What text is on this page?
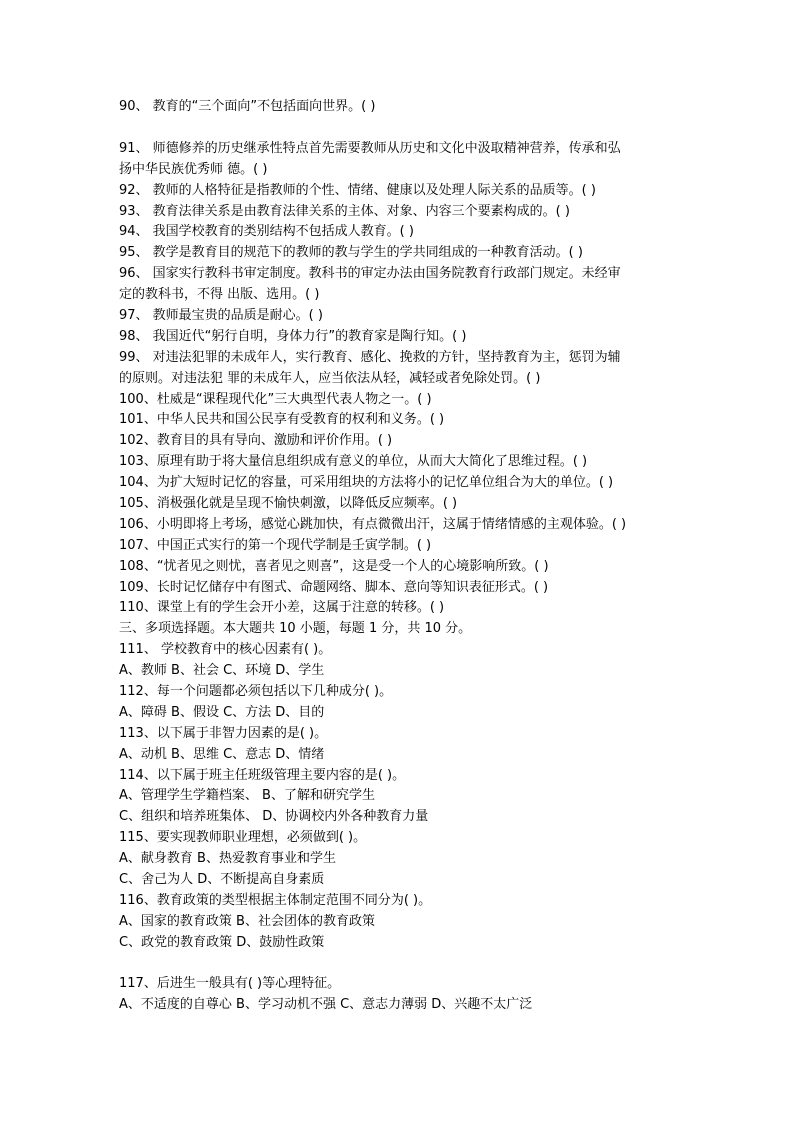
90、 教育的“三个面向”不包括面向世界。( )
91、 师德修养的历史继承性特点首先需要教师从历史和文化中汲取精神营养，传承和弘
扬中华民族优秀师 德。( )
92、 教师的人格特征是指教师的个性、情绪、健康以及处理人际关系的品质等。( )
93、 教育法律关系是由教育法律关系的主体、对象、内容三个要素构成的。( )
94、 我国学校教育的类别结构不包括成人教育。( )
95、 教学是教育目的规范下的教师的教与学生的学共同组成的一种教育活动。( )
96、 国家实行教科书审定制度。教科书的审定办法由国务院教育行政部门规定。未经审
定的教科书，不得 出版、选用。( )
97、 教师最宝贵的品质是耐心。( )
98、 我国近代“躬行自明，身体力行”的教育家是陶行知。( )
99、 对违法犯罪的未成年人，实行教育、感化、挽救的方针，坚持教育为主，惩罚为辅
的原则。对违法犯 罪的未成年人，应当依法从轻，减轻或者免除处罚。( )
100、杜威是“课程现代化”三大典型代表人物之一。( )
101、中华人民共和国公民享有受教育的权利和义务。( )
102、教育目的具有导向、激励和评价作用。( )
103、原理有助于将大量信息组织成有意义的单位，从而大大简化了思维过程。( )
104、为扩大短时记忆的容量，可采用组块的方法将小的记忆单位组合为大的单位。( )
105、消极强化就是呈现不愉快刺激，以降低反应频率。( )
106、小明即将上考场，感觉心跳加快，有点微微出汗，这属于情绪情感的主观体验。( )
107、中国正式实行的第一个现代学制是壬寅学制。( )
108、“忧者见之则忧，喜者见之则喜”，这是受一个人的心境影响所致。( )
109、长时记忆储存中有图式、命题网络、脚本、意向等知识表征形式。( )
110、课堂上有的学生会开小差，这属于注意的转移。( )
三、多项选择题。本大题共 10 小题，每题 1 分，共 10 分。
111、 学校教育中的核心因素有( )。
A、教师 B、社会 C、环境 D、学生
112、每一个问题都必须包括以下几种成分( )。
A、障碍 B、假设 C、方法 D、目的
113、以下属于非智力因素的是( )。
A、动机 B、思维 C、意志 D、情绪
114、以下属于班主任班级管理主要内容的是( )。
A、管理学生学籍档案、 B、了解和研究学生
C、组织和培养班集体、 D、协调校内外各种教育力量
115、要实现教师职业理想，必须做到( )。
A、献身教育 B、热爱教育事业和学生
C、舍己为人 D、不断提高自身素质
116、教育政策的类型根据主体制定范围不同分为( )。
A、国家的教育政策 B、社会团体的教育政策
C、政党的教育政策 D、鼓励性政策
117、后进生一般具有( )等心理特征。
A、不适度的自尊心 B、学习动机不强 C、意志力薄弱 D、兴趣不太广泛
